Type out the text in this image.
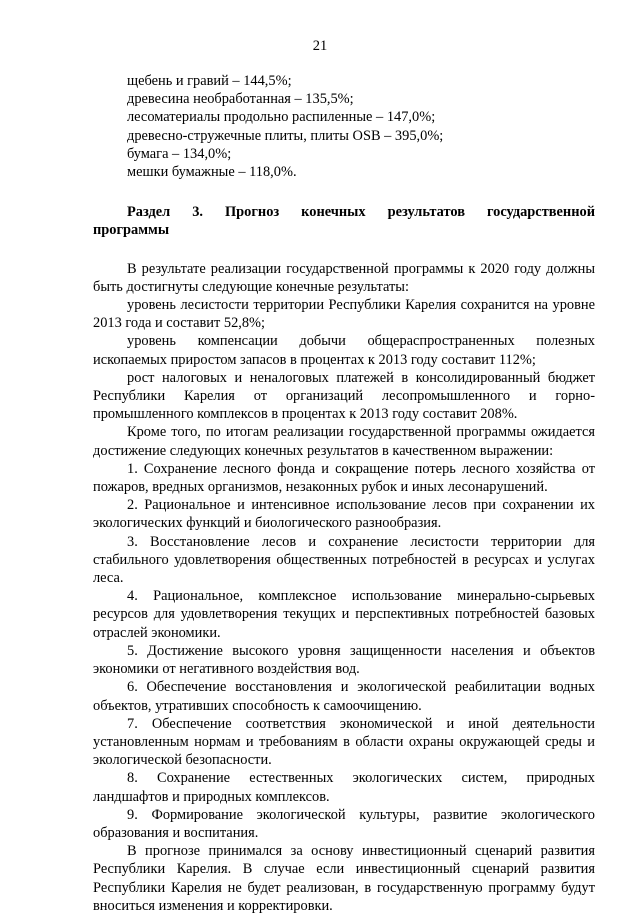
21

щебень и гравий – 144,5%;

древесина необработанная – 135,5%;

лесоматериалы продольно распиленные – 147,0%;

древесно-стружечные плиты, плиты OSB – 395,0%;

бумага – 134,0%;

мешки бумажные – 118,0%.

Раздел 3. Прогноз конечных результатов государственной
программы

В результате реализации государственной программы к 2020 году должны быть достигнуты следующие конечные результаты:

уровень лесистости территории Республики Карелия сохранится на уровне 2013 года и составит 52,8%;

уровень компенсации добычи общераспространенных полезных ископаемых приростом запасов в процентах к 2013 году составит 112%;

рост налоговых и неналоговых платежей в консолидированный бюджет Республики Карелия от организаций лесопромышленного и горно-промышленного комплексов в процентах к 2013 году составит 208%.

Кроме того, по итогам реализации государственной программы ожидается достижение следующих конечных результатов в качественном выражении:

1. Сохранение лесного фонда и сокращение потерь лесного хозяйства от пожаров, вредных организмов, незаконных рубок и иных лесонарушений.

2. Рациональное и интенсивное использование лесов при сохранении их экологических функций и биологического разнообразия.

3. Восстановление лесов и сохранение лесистости территории для стабильного удовлетворения общественных потребностей в ресурсах и услугах леса.

4. Рациональное, комплексное использование минерально-сырьевых ресурсов для удовлетворения текущих и перспективных потребностей базовых отраслей экономики.

5. Достижение высокого уровня защищенности населения и объектов экономики от негативного воздействия вод.

6. Обеспечение восстановления и экологической реабилитации водных объектов, утративших способность к самоочищению.

7. Обеспечение соответствия экономической и иной деятельности установленным нормам и требованиям в области охраны окружающей среды и экологической безопасности.

8. Сохранение естественных экологических систем, природных ландшафтов и природных комплексов.

9. Формирование экологической культуры, развитие экологического образования и воспитания.

В прогнозе принимался за основу инвестиционный сценарий развития Республики Карелия. В случае если инвестиционный сценарий развития Республики Карелия не будет реализован, в государственную программу будут вноситься изменения и корректировки.
